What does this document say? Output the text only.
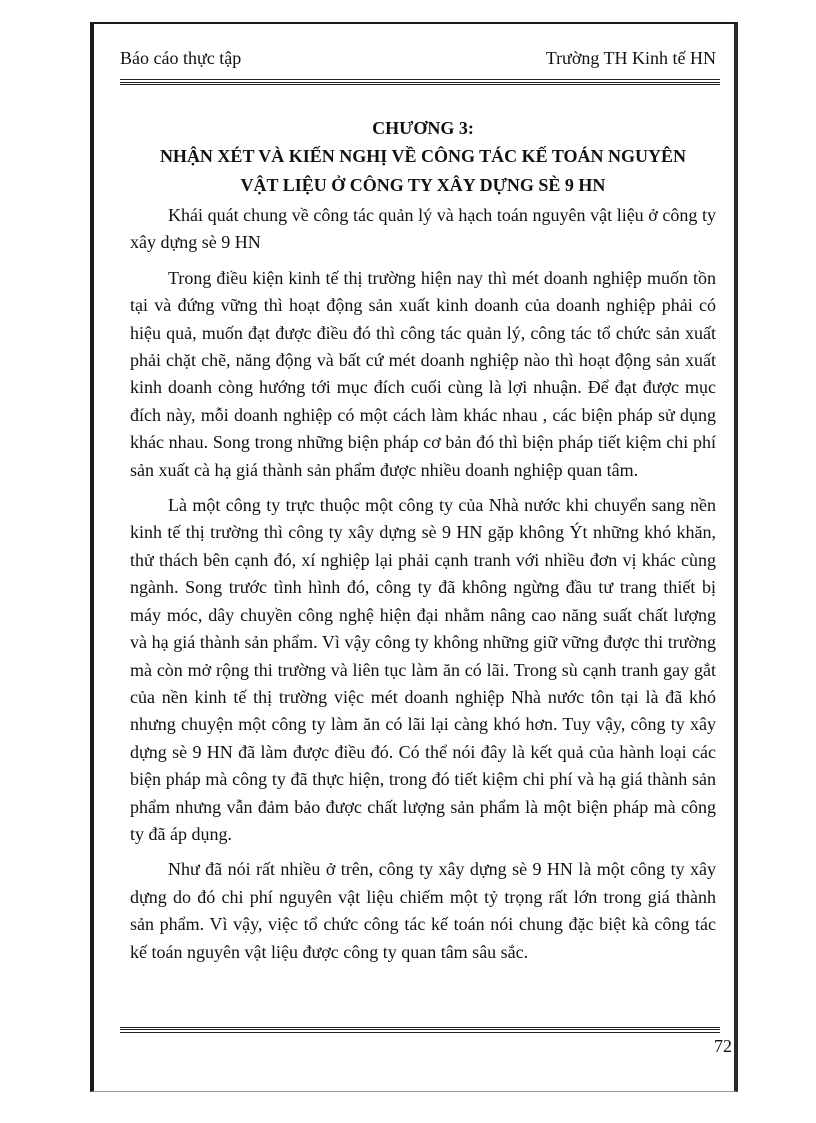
Báo cáo thực tập	Trường TH Kinh tế HN

CHƯƠNG 3:

NHẬN XÉT VÀ KIẾN NGHỊ VỀ CÔNG TÁC KẾ TOÁN NGUYÊN

VẬT LIỆU Ở CÔNG TY XÂY DỰNG SÈ 9 HN

Khái quát chung về công tác quản lý và hạch toán nguyên vật liệu ở công ty xây dựng sè 9 HN

Trong điều kiện kinh tế thị trường hiện nay thì mét doanh nghiệp muốn tồn tại và đứng vững thì hoạt động sản xuất kinh doanh của doanh nghiệp phải có hiệu quả, muốn đạt được điều đó thì công tác quản lý, công tác tổ chức sản xuất phải chặt chẽ, năng động và bất cứ mét doanh nghiệp nào thì hoạt động sản xuất kinh doanh còng hướng tới mục đích cuối cùng là lợi nhuận. Để đạt được mục đích này, mỗi doanh nghiệp có một cách làm khác nhau , các biện pháp sử dụng khác nhau. Song trong những biện pháp cơ bản đó thì biện pháp tiết kiệm chi phí sản xuất cà hạ giá thành sản phẩm được nhiều doanh nghiệp quan tâm.

Là một công ty trực thuộc một công ty của Nhà nước khi chuyển sang nền kinh tế thị trường thì công ty xây dựng sè 9 HN gặp không Ýt những khó khăn, thử thách bên cạnh đó, xí nghiệp lại phải cạnh tranh với nhiều đơn vị khác cùng ngành. Song trước tình hình đó, công ty đã không ngừng đầu tư trang thiết bị máy móc, dây chuyền công nghệ hiện đại nhằm nâng cao năng suất chất lượng và hạ giá thành sản phẩm. Vì vậy công ty không những giữ vững được thi trường mà còn mở rộng thi trường và liên tục làm ăn có lãi. Trong sù cạnh tranh gay gắt của nền kinh tế thị trường việc mét doanh nghiệp Nhà nước tôn tại là đã khó nhưng chuyện một công ty làm ăn có lãi lại càng khó hơn. Tuy vậy, công ty xây dựng sè 9 HN đã làm được điều đó. Có thể nói đây là kết quả của hành loại các biện pháp mà công ty đã thực hiện, trong đó tiết kiệm chi phí và hạ giá thành sản phẩm nhưng vẫn đảm bảo được chất lượng sản phẩm là một biện pháp mà công ty đã áp dụng.

Như đã nói rất nhiều ở trên, công ty xây dựng sè 9 HN là một công ty xây dựng do đó chi phí nguyên vật liệu chiếm một tỷ trọng rất lớn trong giá thành sản phẩm. Vì vậy, việc tổ chức công tác kế toán nói chung đặc biệt kà công tác kế toán nguyên vật liệu được công ty quan tâm sâu sắc.

72
